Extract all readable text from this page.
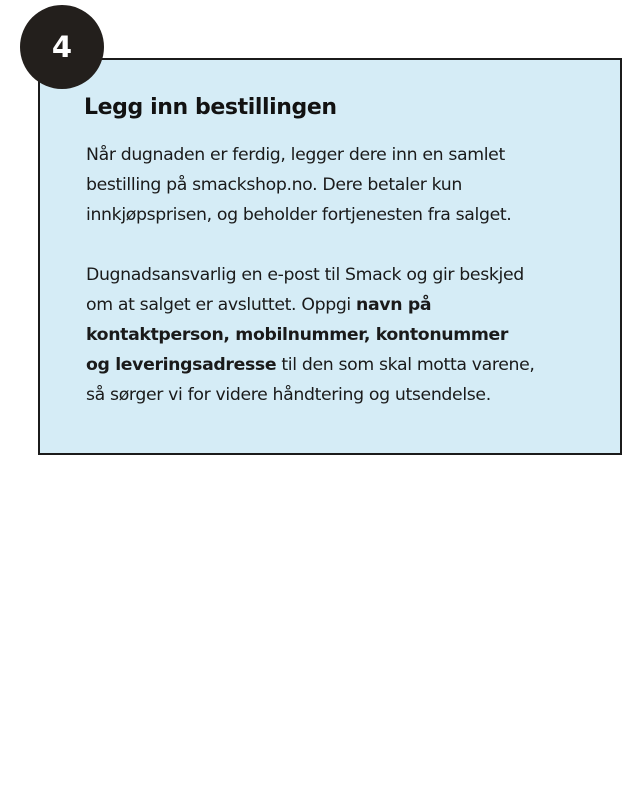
4
Legg inn bestillingen

Når dugnaden er ferdig, legger dere inn en samlet
bestilling på smackshop.no. Dere betaler kun
innkjøpsprisen, og beholder fortjenesten fra salget.

Dugnadsansvarlig en e-post til Smack og gir beskjed
om at salget er avsluttet. Oppgi navn på
kontaktperson, mobilnummer, kontonummer
og leveringsadresse til den som skal motta varene,
så sørger vi for videre håndtering og utsendelse.
